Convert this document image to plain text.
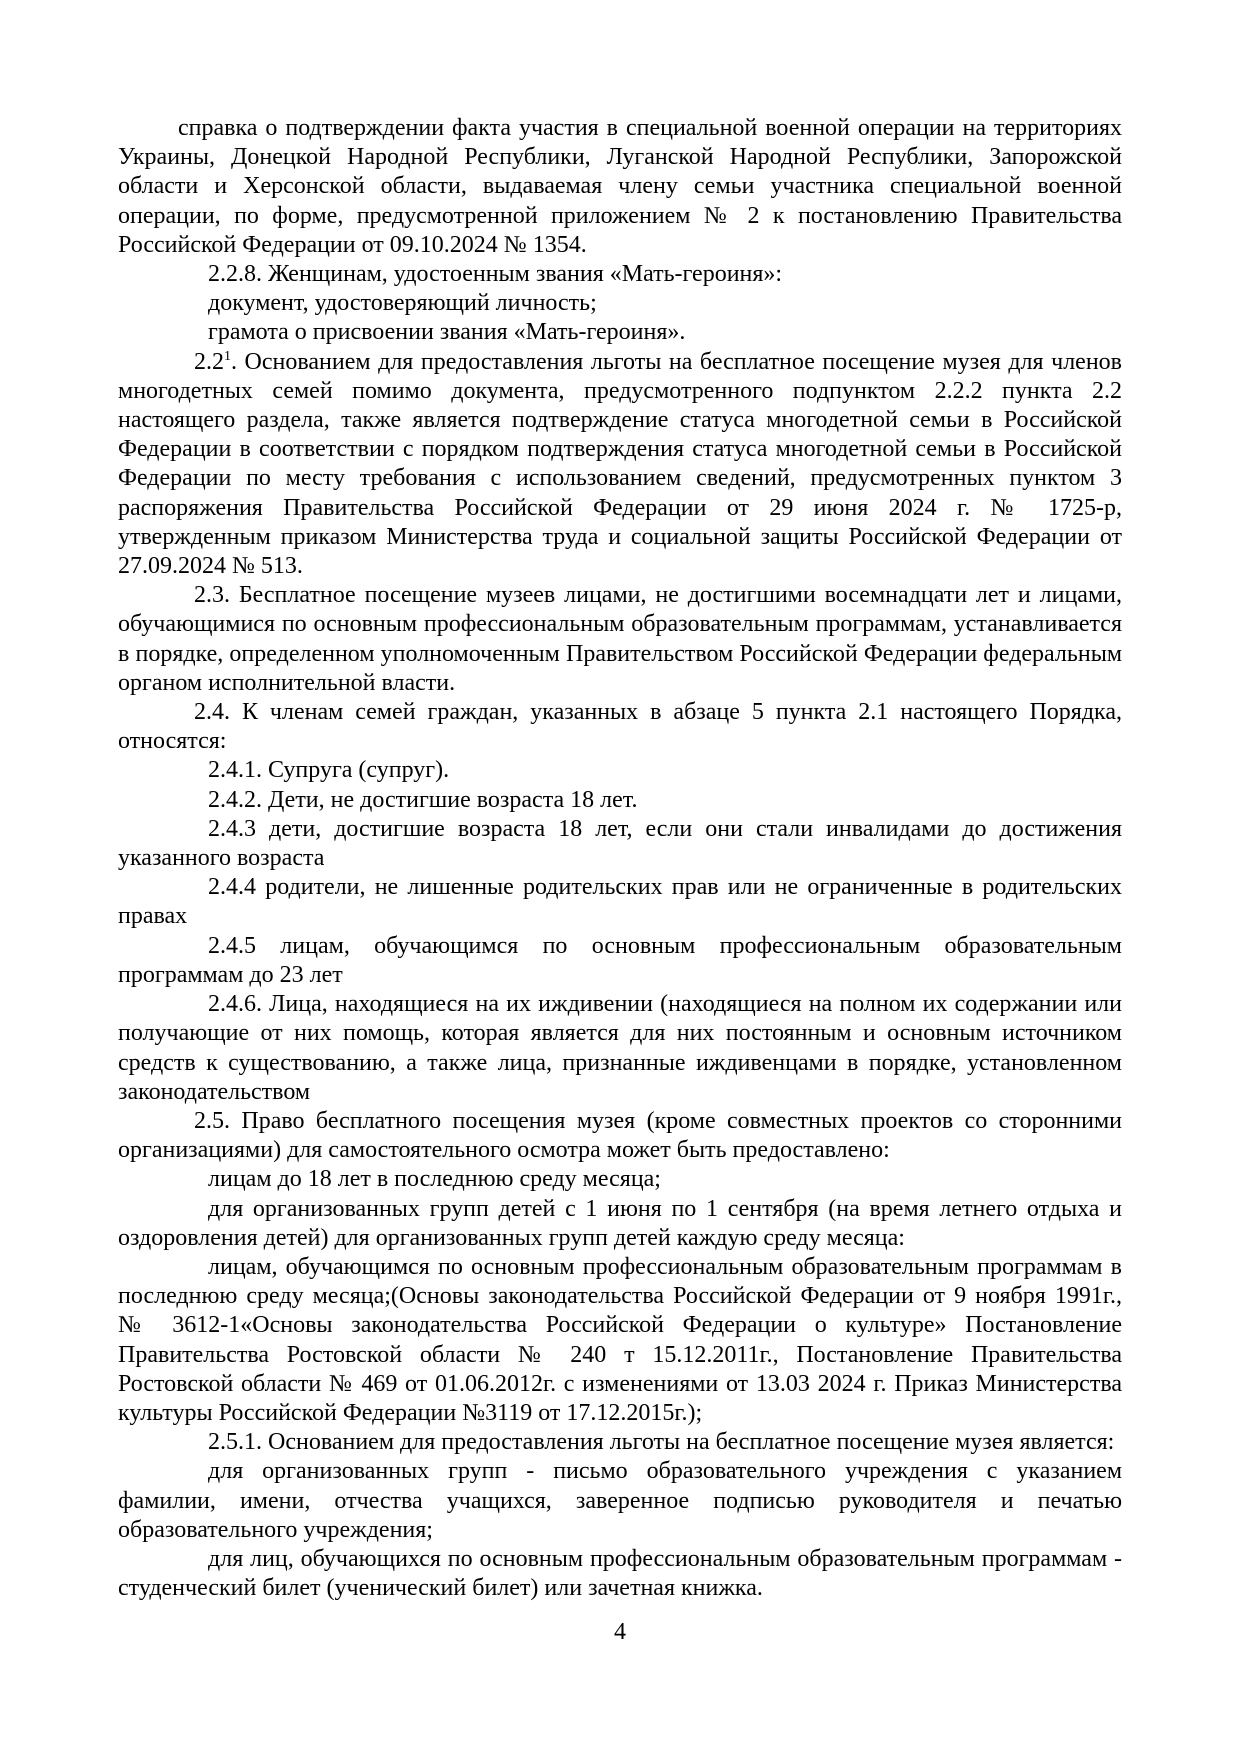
справка о подтверждении факта участия в специальной военной операции на территориях Украины, Донецкой Народной Республики, Луганской Народной Республики, Запорожской области и Херсонской области, выдаваемая члену семьи участника специальной военной операции, по форме, предусмотренной приложением № 2 к постановлению Правительства Российской Федерации от 09.10.2024 № 1354.

2.2.8. Женщинам, удостоенным звания «Мать-героиня»:

документ, удостоверяющий личность;

грамота о присвоении звания «Мать-героиня».

$2.2^1$. Основанием для предоставления льготы на бесплатное посещение музея для членов многодетных семей помимо документа, предусмотренного подпунктом 2.2.2 пункта 2.2 настоящего раздела, также является подтверждение статуса многодетной семьи в Российской Федерации в соответствии с порядком подтверждения статуса многодетной семьи в Российской Федерации по месту требования с использованием сведений, предусмотренных пунктом 3 распоряжения Правительства Российской Федерации от 29 июня 2024 г. № 1725-р, утвержденным приказом Министерства труда и социальной защиты Российской Федерации от 27.09.2024 № 513.

2.3. Бесплатное посещение музеев лицами, не достигшими восемнадцати лет и лицами, обучающимися по основным профессиональным образовательным программам, устанавливается в порядке, определенном уполномоченным Правительством Российской Федерации федеральным органом исполнительной власти.

2.4. К членам семей граждан, указанных в абзаце 5 пункта 2.1 настоящего Порядка, относятся:

2.4.1. Супруга (супруг).

2.4.2. Дети, не достигшие возраста 18 лет.

2.4.3 дети, достигшие возраста 18 лет, если они стали инвалидами до достижения указанного возраста

2.4.4 родители, не лишенные родительских прав или не ограниченные в родительских правах

2.4.5 лицам, обучающимся по основным профессиональным образовательным программам до 23 лет

2.4.6. Лица, находящиеся на их иждивении (находящиеся на полном их содержании или получающие от них помощь, которая является для них постоянным и основным источником средств к существованию, а также лица, признанные иждивенцами в порядке, установленном законодательством

2.5. Право бесплатного посещения музея (кроме совместных проектов со сторонними организациями) для самостоятельного осмотра может быть предоставлено:

лицам до 18 лет в последнюю среду месяца;

для организованных групп детей с 1 июня по 1 сентября (на время летнего отдыха и оздоровления детей) для организованных групп детей каждую среду месяца:

лицам, обучающимся по основным профессиональным образовательным программам в последнюю среду месяца;(Основы законодательства Российской Федерации от 9 ноября 1991г., № 3612-1«Основы законодательства Российской Федерации о культуре» Постановление Правительства Ростовской области № 240 т 15.12.2011г., Постановление Правительства Ростовской области № 469 от 01.06.2012г. с изменениями от 13.03 2024 г. Приказ Министерства культуры Российской Федерации №3119 от 17.12.2015г.);

2.5.1. Основанием для предоставления льготы на бесплатное посещение музея является:

для организованных групп - письмо образовательного учреждения с указанием фамилии, имени, отчества учащихся, заверенное подписью руководителя и печатью образовательного учреждения;

для лиц, обучающихся по основным профессиональным образовательным программам - студенческий билет (ученический билет) или зачетная книжка.

4
